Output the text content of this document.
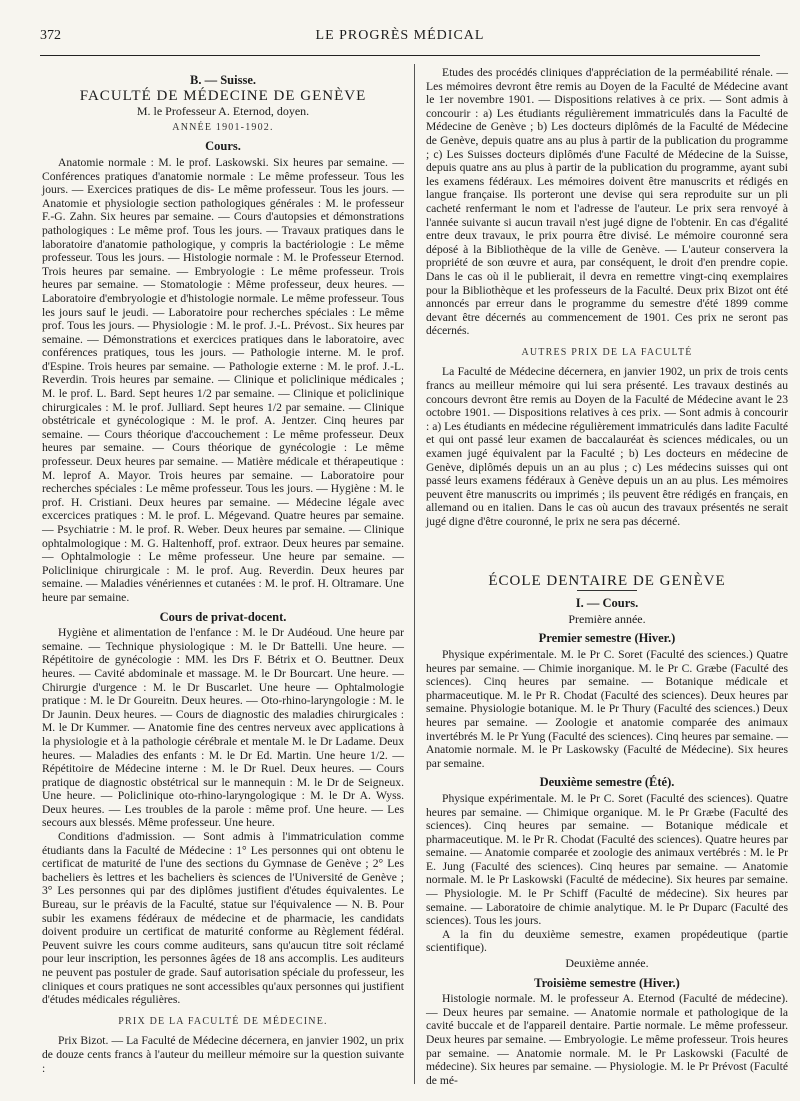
372	LE PROGRÈS MÉDICAL

B. — Suisse.

FACULTÉ DE MÉDECINE DE GENÈVE

M. le Professeur A. Eternod, doyen.

ANNÉE 1901-1902.

Cours.

Anatomie normale : M. le prof. Laskowski. Six heures par semaine. — Conférences pratiques d'anatomie normale : Le même professeur. Tous les jours. — Exercices pratiques de dis- Le même professeur. Tous les jours. — Anatomie et physiologie section pathologiques générales : M. le professeur F.-G. Zahn. Six heures par semaine. — Cours d'autopsies et démonstrations pathologiques : Le même prof. Tous les jours. — Travaux pratiques dans le laboratoire d'anatomie pathologique, y compris la bactériologie : Le même professeur. Tous les jours. — Histologie normale : M. le Professeur Eternod. Trois heures par semaine. — Embryologie : Le même professeur. Trois heures par semaine. — Stomatologie : Même professeur, deux heures. — Laboratoire d'embryologie et d'histologie normale. Le même professeur. Tous les jours sauf le jeudi. — Laboratoire pour recherches spéciales : Le même prof. Tous les jours. — Physiologie : M. le prof. J.-L. Prévost.. Six heures par semaine. — Démonstrations et exercices pratiques dans le laboratoire, avec conférences pratiques, tous les jours. — Pathologie interne. M. le prof. d'Espine. Trois heures par semaine. — Pathologie externe : M. le prof. J.-L. Reverdin. Trois heures par semaine. — Clinique et policlinique médicales ; M. le prof. L. Bard. Sept heures 1/2 par semaine. — Clinique et policlinique chirurgicales : M. le prof. Julliard. Sept heures 1/2 par semaine. — Clinique obstétricale et gynécologique : M. le prof. A. Jentzer. Cinq heures par semaine. — Cours théorique d'accouchement : Le même professeur. Deux heures par semaine. — Cours théorique de gynécologie : Le même professeur. Deux heures par semaine. — Matière médicale et thérapeutique : M. leprof A. Mayor. Trois heures par semaine. — Laboratoire pour recherches spéciales : Le même professeur. Tous les jours. — Hygiène : M. le prof. H. Cristiani. Deux heures par semaine. — Médecine légale avec excercices pratiques : M. le prof. L. Mégevand. Quatre heures par semaine. — Psychiatrie : M. le prof. R. Weber. Deux heures par semaine. — Clinique ophtalmologique : M. G. Haltenhoff, prof. extraor. Deux heures par semaine. — Ophtalmologie : Le même professeur. Une heure par semaine. — Policlinique chirurgicale : M. le prof. Aug. Reverdin. Deux heures par semaine. — Maladies vénériennes et cutanées : M. le prof. H. Oltramare. Une heure par semaine.

Cours de privat-docent.

Hygiène et alimentation de l'enfance : M. le Dr Audéoud. Une heure par semaine. — Technique physiologique : M. le Dr Battelli. Une heure. — Répétitoire de gynécologie : MM. les Drs F. Bétrix et O. Beuttner. Deux heures. — Cavité abdominale et massage. M. le Dr Bourcart. Une heure. — Chirurgie d'urgence : M. le Dr Buscarlet. Une heure — Ophtalmologie pratique : M. le Dr Goureitn. Deux heures. — Oto-rhino-laryngologie : M. le Dr Jaunin. Deux heures. — Cours de diagnostic des maladies chirurgicales : M. le Dr Kummer. — Anatomie fine des centres nerveux avec applications à la physiologie et à la pathologie cérébrale et mentale M. le Dr Ladame. Deux heures. — Maladies des enfants : M. le Dr Ed. Martin. Une heure 1/2. — Répétitoire de Médecine interne : M. le Dr Ruel. Deux heures. — Cours pratique de diagnostic obstétrical sur le mannequin : M. le Dr de Seigneux. Une heure. — Policlinique oto-rhino-laryngologique : M. le Dr A. Wyss. Deux heures. — Les troubles de la parole : même prof. Une heure. — Les secours aux blessés. Même professeur. Une heure.

Conditions d'admission. — Sont admis à l'immatriculation comme étudiants dans la Faculté de Médecine : 1° Les personnes qui ont obtenu le certificat de maturité de l'une des sections du Gymnase de Genève ; 2° Les bacheliers ès lettres et les bacheliers ès sciences de l'Université de Genève ; 3° Les personnes qui par des diplômes justifient d'études équivalentes. Le Bureau, sur le préavis de la Faculté, statue sur l'équivalence — N. B. Pour subir les examens fédéraux de médecine et de pharmacie, les candidats doivent produire un certificat de maturité conforme au Règlement fédéral. Peuvent suivre les cours comme auditeurs, sans qu'aucun titre soit réclamé pour leur inscription, les personnes âgées de 18 ans accomplis. Les auditeurs ne peuvent pas postuler de grade. Sauf autorisation spéciale du professeur, les cliniques et cours pratiques ne sont accessibles qu'aux personnes qui justifient d'études médicales régulières.

PRIX DE LA FACULTÉ DE MÉDECINE.

Prix Bizot. — La Faculté de Médecine décernera, en janvier 1902, un prix de douze cents francs à l'auteur du meilleur mémoire sur la question suivante :

Etudes des procédés cliniques d'appréciation de la perméabilité rénale. — Les mémoires devront être remis au Doyen de la Faculté de Médecine avant le 1er novembre 1901. — Dispositions relatives à ce prix. — Sont admis à concourir : a) Les étudiants régulièrement immatriculés dans la Faculté de Médecine de Genève ; b) Les docteurs diplômés de la Faculté de Médecine de Genève, depuis quatre ans au plus à partir de la publication du programme ; c) Les Suisses docteurs diplômés d'une Faculté de Médecine de la Suisse, depuis quatre ans au plus à partir de la publication du programme, ayant subi les examens fédéraux. Les mémoires doivent être manuscrits et rédigés en langue française. Ils porteront une devise qui sera reproduite sur un pli cacheté renfermant le nom et l'adresse de l'auteur. Le prix sera renvoyé à l'année suivante si aucun travail n'est jugé digne de l'obtenir. En cas d'égalité entre deux travaux, le prix pourra être divisé. Le mémoire couronné sera déposé à la Bibliothèque de la ville de Genève. — L'auteur conservera la propriété de son œuvre et aura, par conséquent, le droit d'en prendre copie. Dans le cas où il le publierait, il devra en remettre vingt-cinq exemplaires pour la Bibliothèque et les professeurs de la Faculté. Deux prix Bizot ont été annoncés par erreur dans le programme du semestre d'été 1899 comme devant être décernés au commencement de 1901. Ces prix ne seront pas décernés.

AUTRES PRIX DE LA FACULTÉ

La Faculté de Médecine décernera, en janvier 1902, un prix de trois cents francs au meilleur mémoire qui lui sera présenté. Les travaux destinés au concours devront être remis au Doyen de la Faculté de Médecine avant le 23 octobre 1901. — Dispositions relatives à ces prix. — Sont admis à concourir : a) Les étudiants en médecine régulièrement immatriculés dans ladite Faculté et qui ont passé leur examen de baccalauréat ès sciences médicales, ou un examen jugé équivalent par la Faculté ; b) Les docteurs en médecine de Genève, diplômés depuis un an au plus ; c) Les médecins suisses qui ont passé leurs examens fédéraux à Genève depuis un an au plus. Les mémoires peuvent être manuscrits ou imprimés ; ils peuvent être rédigés en français, en allemand ou en italien. Dans le cas où aucun des travaux présentés ne serait jugé digne d'être couronné, le prix ne sera pas décerné.

ÉCOLE DENTAIRE DE GENÈVE

I. — Cours.

Première année.

Premier semestre (Hiver.)

Physique expérimentale. M. le Pr C. Soret (Faculté des sciences.) Quatre heures par semaine. — Chimie inorganique. M. le Pr C. Græbe (Faculté des sciences). Cinq heures par semaine. — Botanique médicale et pharmaceutique. M. le Pr R. Chodat (Faculté des sciences). Deux heures par semaine. Physiologie botanique. M. le Pr Thury (Faculté des sciences.) Deux heures par semaine. — Zoologie et anatomie comparée des animaux invertébrés M. le Pr Yung (Faculté des sciences). Cinq heures par semaine. — Anatomie normale. M. le Pr Laskowsky (Faculté de Médecine). Six heures par semaine.

Deuxième semestre (Été).

Physique expérimentale. M. le Pr C. Soret (Faculté des sciences). Quatre heures par semaine. — Chimique organique. M. le Pr Græbe (Faculté des sciences). Cinq heures par semaine. — Botanique médicale et pharmaceutique. M. le Pr R. Chodat (Faculté des sciences). Quatre heures par semaine. — Anatomie comparée et zoologie des animaux vertébrés : M. le Pr E. Jung (Faculté des sciences). Cinq heures par semaine. — Anatomie normale. M. le Pr Laskowski (Faculté de médecine). Six heures par semaine. — Physiologie. M. le Pr Schiff (Faculté de médecine). Six heures par semaine. — Laboratoire de chimie analytique. M. le Pr Duparc (Faculté des sciences). Tous les jours.

A la fin du deuxième semestre, examen propédeutique (partie scientifique).

Deuxième année.

Troisième semestre (Hiver.)

Histologie normale. M. le professeur A. Eternod (Faculté de médecine). — Deux heures par semaine. — Anatomie normale et pathologique de la cavité buccale et de l'appareil dentaire. Partie normale. Le même professeur. Deux heures par semaine. — Embryologie. Le même professeur. Trois heures par semaine. — Anatomie normale. M. le Pr Laskowski (Faculté de médecine). Six heures par semaine. — Physiologie. M. le Pr Prévost (Faculté de mé-
